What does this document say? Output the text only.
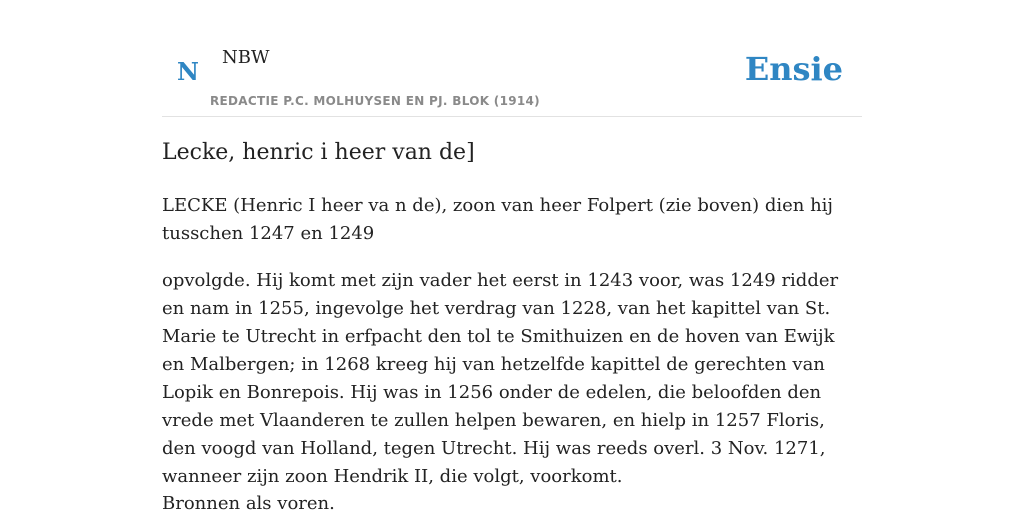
N NBW
REDACTIE P.C. MOLHUYSEN EN PJ. BLOK (1914)
Ensie
Lecke, henric i heer van de]

LECKE (Henric I heer va n de), zoon van heer Folpert (zie boven) dien hij tusschen 1247 en 1249

opvolgde. Hij komt met zijn vader het eerst in 1243 voor, was 1249 ridder en nam in 1255, ingevolge het verdrag van 1228, van het kapittel van St. Marie te Utrecht in erfpacht den tol te Smithuizen en de hoven van Ewijk en Malbergen; in 1268 kreeg hij van hetzelfde kapittel de gerechten van Lopik en Bonrepois. Hij was in 1256 onder de edelen, die beloofden den vrede met Vlaanderen te zullen helpen bewaren, en hielp in 1257 Floris, den voogd van Holland, tegen Utrecht. Hij was reeds overl. 3 Nov. 1271, wanneer zijn zoon Hendrik II, die volgt, voorkomt.

Bronnen als voren.
